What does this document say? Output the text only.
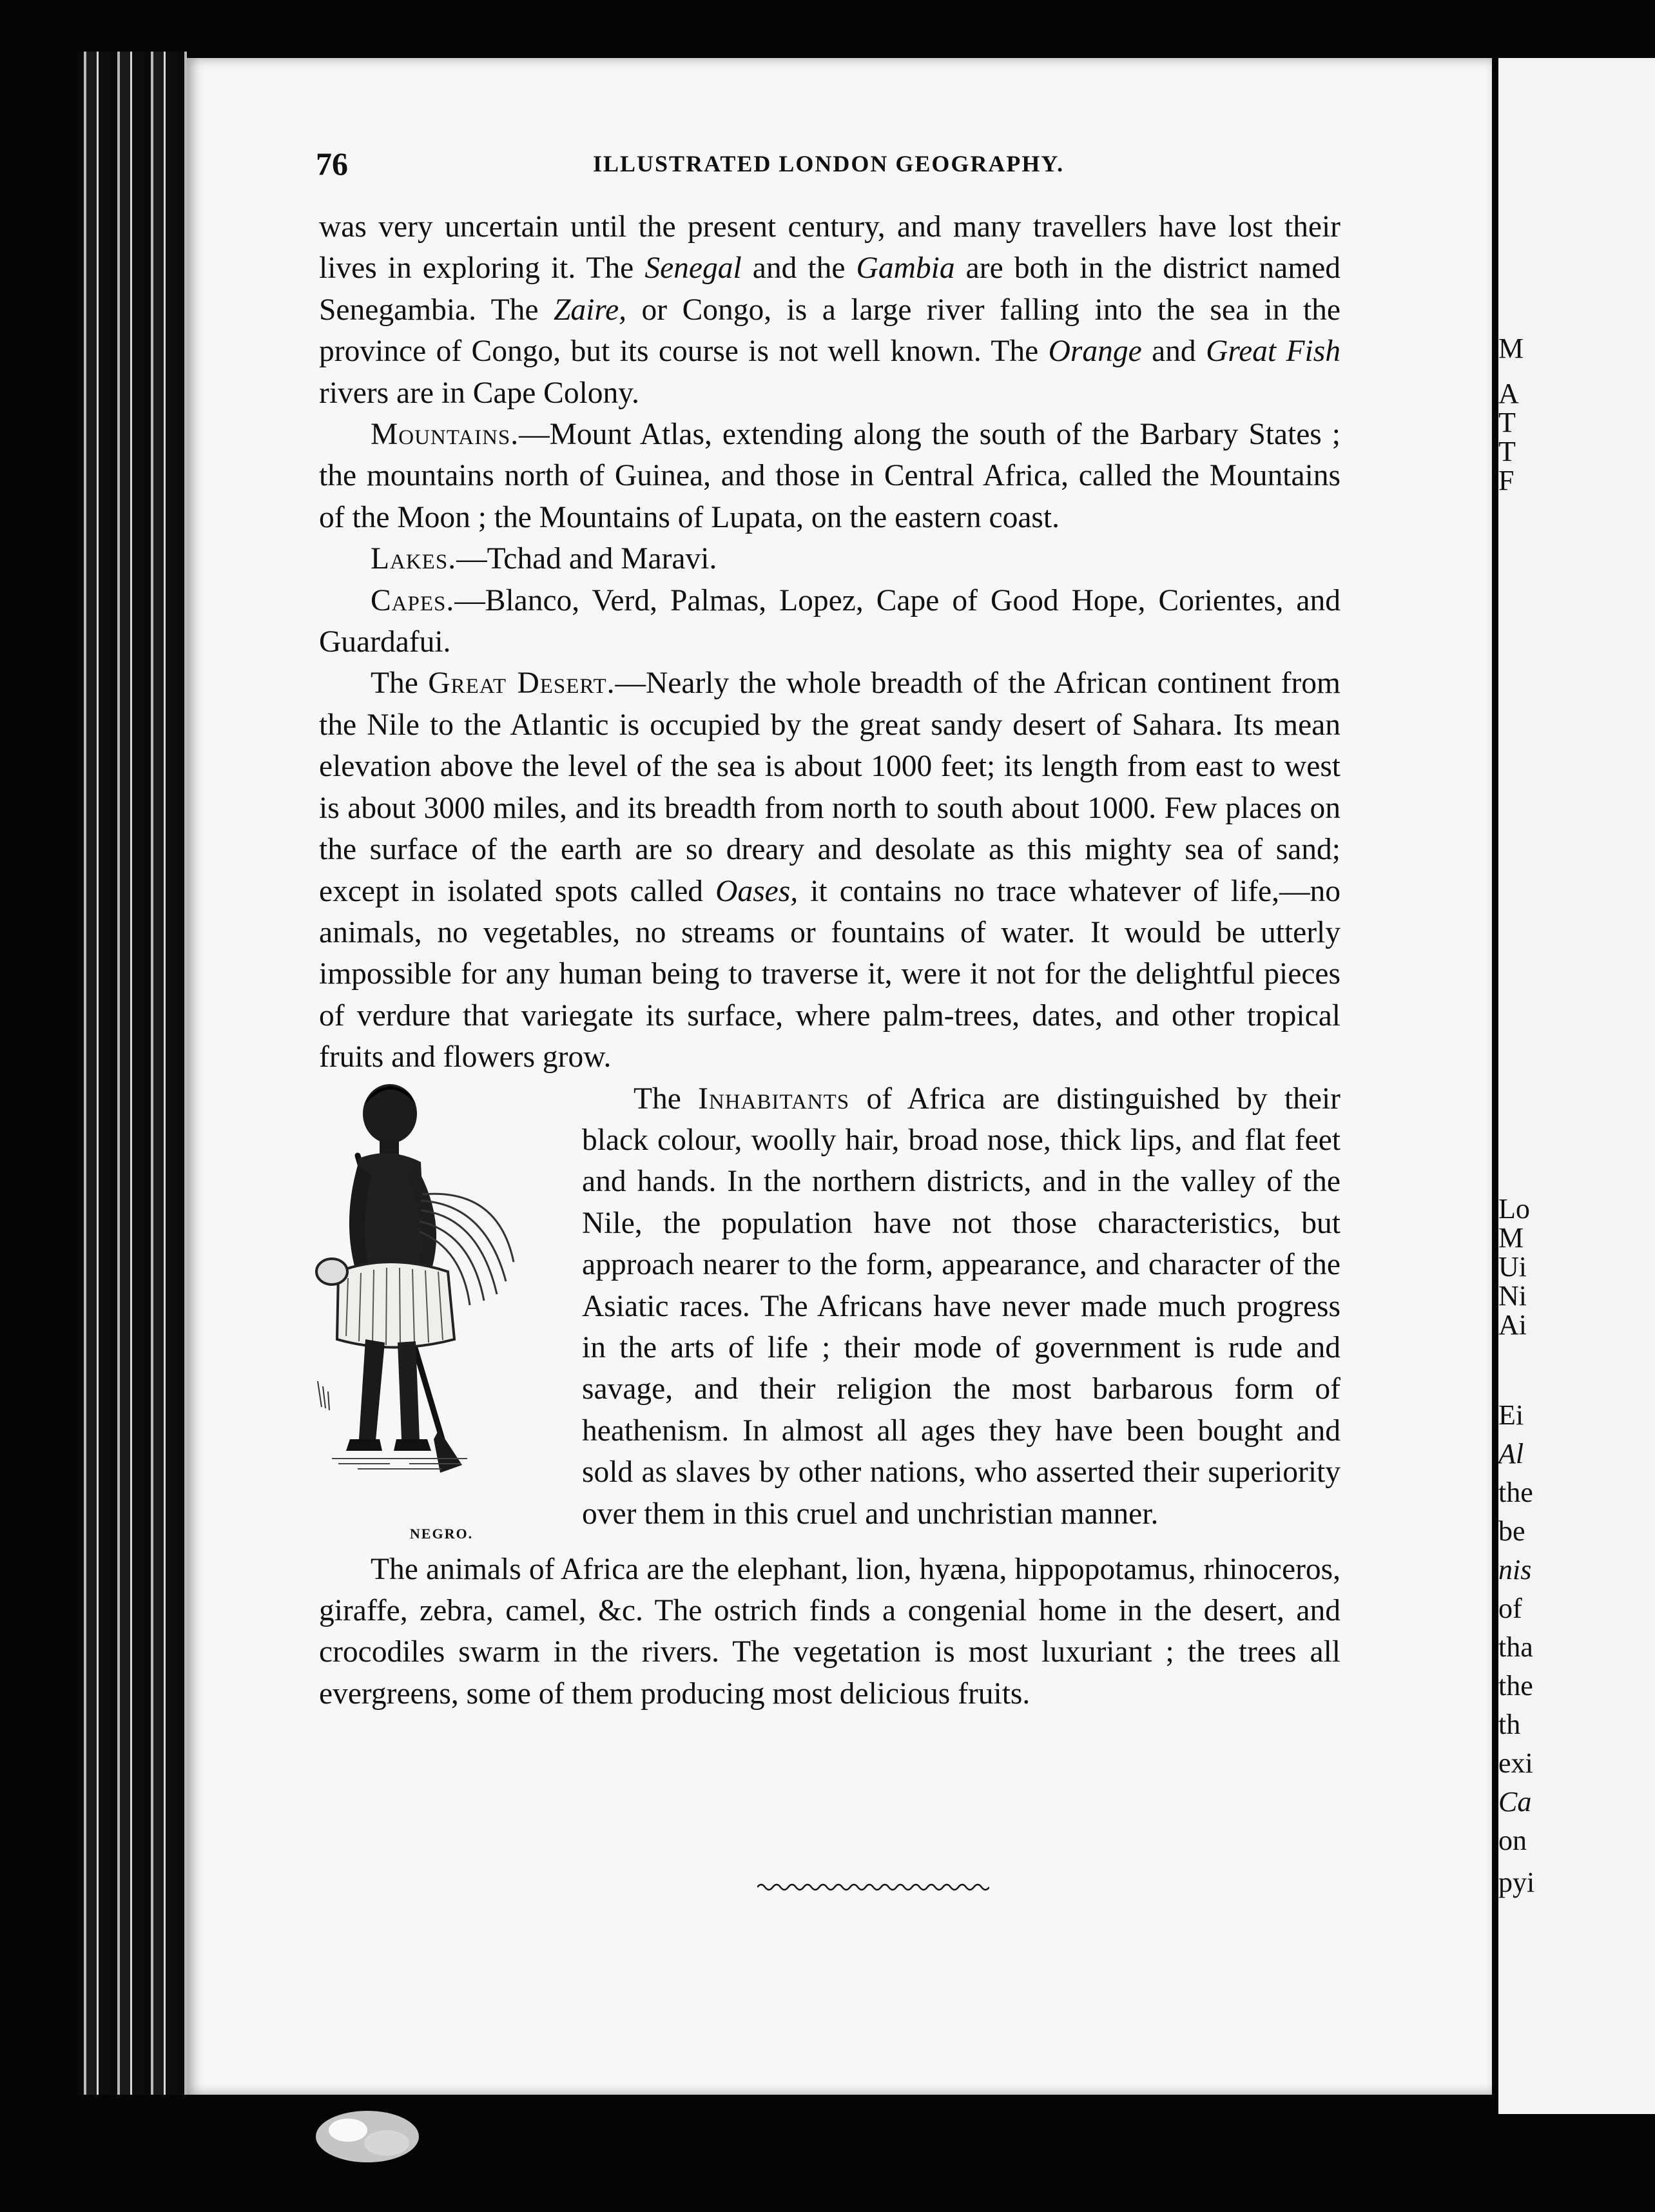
M
A
T
T
F
Lo
M
Ui
Ni
Ai
Ei
Al
the
be
nis
of
tha
the
th
exi
Ca
on
pyi
76	ILLUSTRATED LONDON GEOGRAPHY.

was very uncertain until the present century, and many travellers have lost their lives in exploring it. The Senegal and the Gambia are both in the district named Senegambia. The Zaire, or Congo, is a large river falling into the sea in the province of Congo, but its course is not well known. The Orange and Great Fish rivers are in Cape Colony.

Mountains.—Mount Atlas, extending along the south of the Barbary States ; the mountains north of Guinea, and those in Central Africa, called the Mountains of the Moon ; the Mountains of Lupata, on the eastern coast.

Lakes.—Tchad and Maravi.

Capes.—Blanco, Verd, Palmas, Lopez, Cape of Good Hope, Corientes, and Guardafui.

The Great Desert.—Nearly the whole breadth of the African continent from the Nile to the Atlantic is occupied by the great sandy desert of Sahara. Its mean elevation above the level of the sea is about 1000 feet; its length from east to west is about 3000 miles, and its breadth from north to south about 1000. Few places on the surface of the earth are so dreary and desolate as this mighty sea of sand; except in isolated spots called Oases, it contains no trace whatever of life,—no animals, no vegetables, no streams or fountains of water. It would be utterly impossible for any human being to traverse it, were it not for the delightful pieces of verdure that variegate its surface, where palm-trees, dates, and other tropical fruits and flowers grow.

NEGRO.

The Inhabitants of Africa are distinguished by their black colour, woolly hair, broad nose, thick lips, and flat feet and hands. In the northern districts, and in the valley of the Nile, the population have not those characteristics, but approach nearer to the form, appearance, and character of the Asiatic races. The Africans have never made much progress in the arts of life ; their mode of government is rude and savage, and their religion the most barbarous form of heathenism. In almost all ages they have been bought and sold as slaves by other nations, who asserted their superiority over them in this cruel and unchristian manner.

The animals of Africa are the elephant, lion, hyæna, hippopotamus, rhinoceros, giraffe, zebra, camel, &c. The ostrich finds a congenial home in the desert, and crocodiles swarm in the rivers. The vegetation is most luxuriant ; the trees all evergreens, some of them producing most delicious fruits.
